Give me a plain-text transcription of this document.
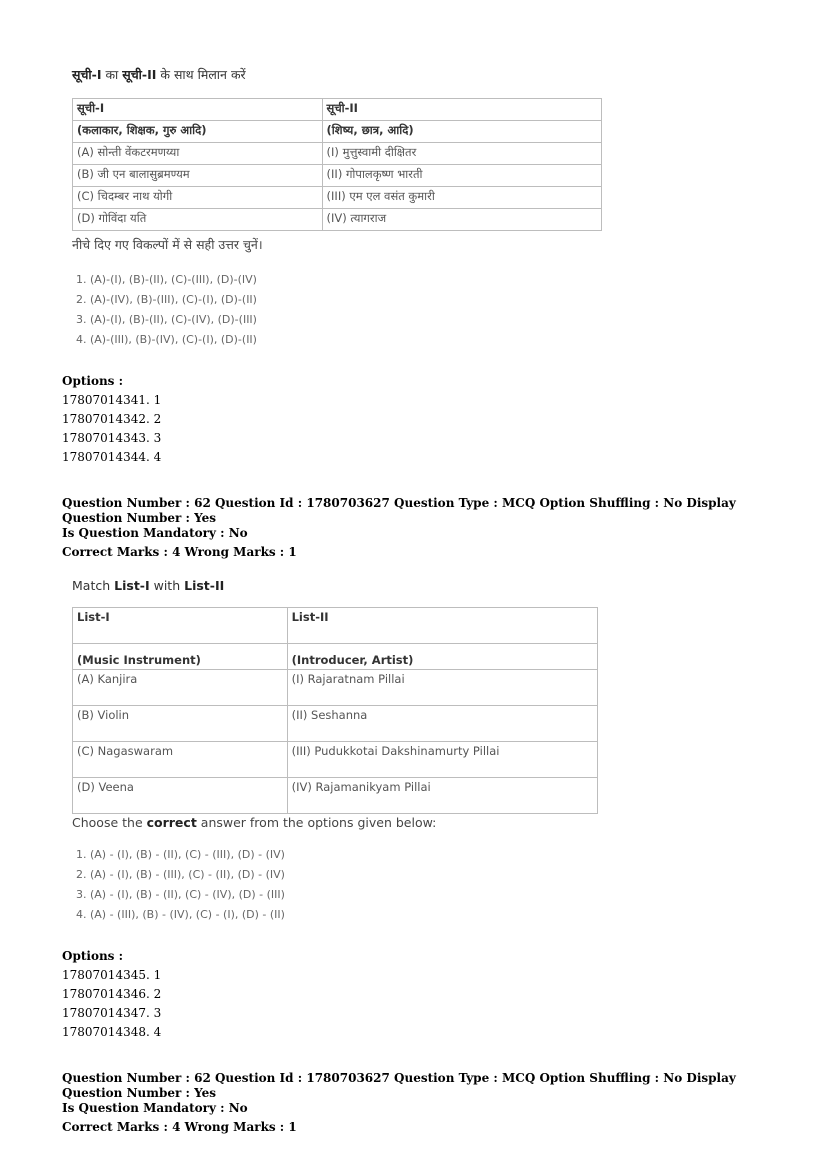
सूची-I का सूची-II के साथ मिलान करें
सूची-I	सूची-II
(कलाकार, शिक्षक, गुरु आदि)	(शिष्य, छात्र, आदि)
(A) सोन्ती वेंकटरमणय्या	(I) मुत्तुस्वामी दीक्षितर
(B) जी एन बालासुब्रमण्यम	(II) गोपालकृष्ण भारती
(C) चिदम्बर नाथ योगी	(III) एम एल वसंत कुमारी
(D) गोविंदा यति	(IV) त्यागराज
नीचे दिए गए विकल्पों में से सही उत्तर चुनें।
1. (A)-(I), (B)-(II), (C)-(III), (D)-(IV)
2. (A)-(IV), (B)-(III), (C)-(I), (D)-(II)
3. (A)-(I), (B)-(II), (C)-(IV), (D)-(III)
4. (A)-(III), (B)-(IV), (C)-(I), (D)-(II)
Options :
17807014341. 1
17807014342. 2
17807014343. 3
17807014344. 4
Question Number : 62 Question Id : 1780703627 Question Type : MCQ Option Shuffling : No Display Question Number : Yes
Is Question Mandatory : No
Correct Marks : 4 Wrong Marks : 1
Match List-I with List-II
List-I	List-II
(Music Instrument)	(Introducer, Artist)
(A) Kanjira	(I) Rajaratnam Pillai
(B) Violin	(II) Seshanna
(C) Nagaswaram	(III) Pudukkotai Dakshinamurty Pillai
(D) Veena	(IV) Rajamanikyam Pillai
Choose the correct answer from the options given below:
1. (A) - (I), (B) - (II), (C) - (III), (D) - (IV)
2. (A) - (I), (B) - (III), (C) - (II), (D) - (IV)
3. (A) - (I), (B) - (II), (C) - (IV), (D) - (III)
4. (A) - (III), (B) - (IV), (C) - (I), (D) - (II)
Options :
17807014345. 1
17807014346. 2
17807014347. 3
17807014348. 4
Question Number : 62 Question Id : 1780703627 Question Type : MCQ Option Shuffling : No Display Question Number : Yes
Is Question Mandatory : No
Correct Marks : 4 Wrong Marks : 1
